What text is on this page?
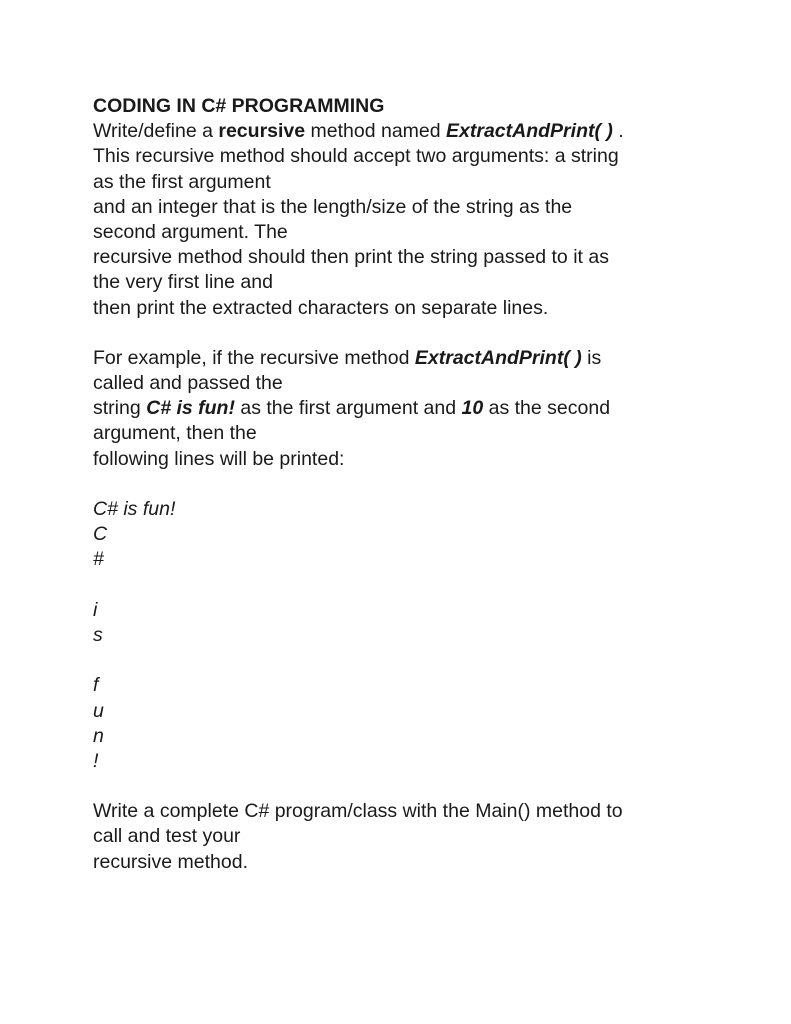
CODING IN C# PROGRAMMING
Write/define a recursive method named ExtractAndPrint( ) .
This recursive method should accept two arguments: a string
as the first argument
and an integer that is the length/size of the string as the
second argument. The
recursive method should then print the string passed to it as
the very first line and
then print the extracted characters on separate lines.
For example, if the recursive method ExtractAndPrint( ) is
called and passed the
string C# is fun! as the first argument and 10 as the second
argument, then the
following lines will be printed:
C# is fun!
C
#
i
s
f
u
n
!
Write a complete C# program/class with the Main() method to
call and test your
recursive method.
